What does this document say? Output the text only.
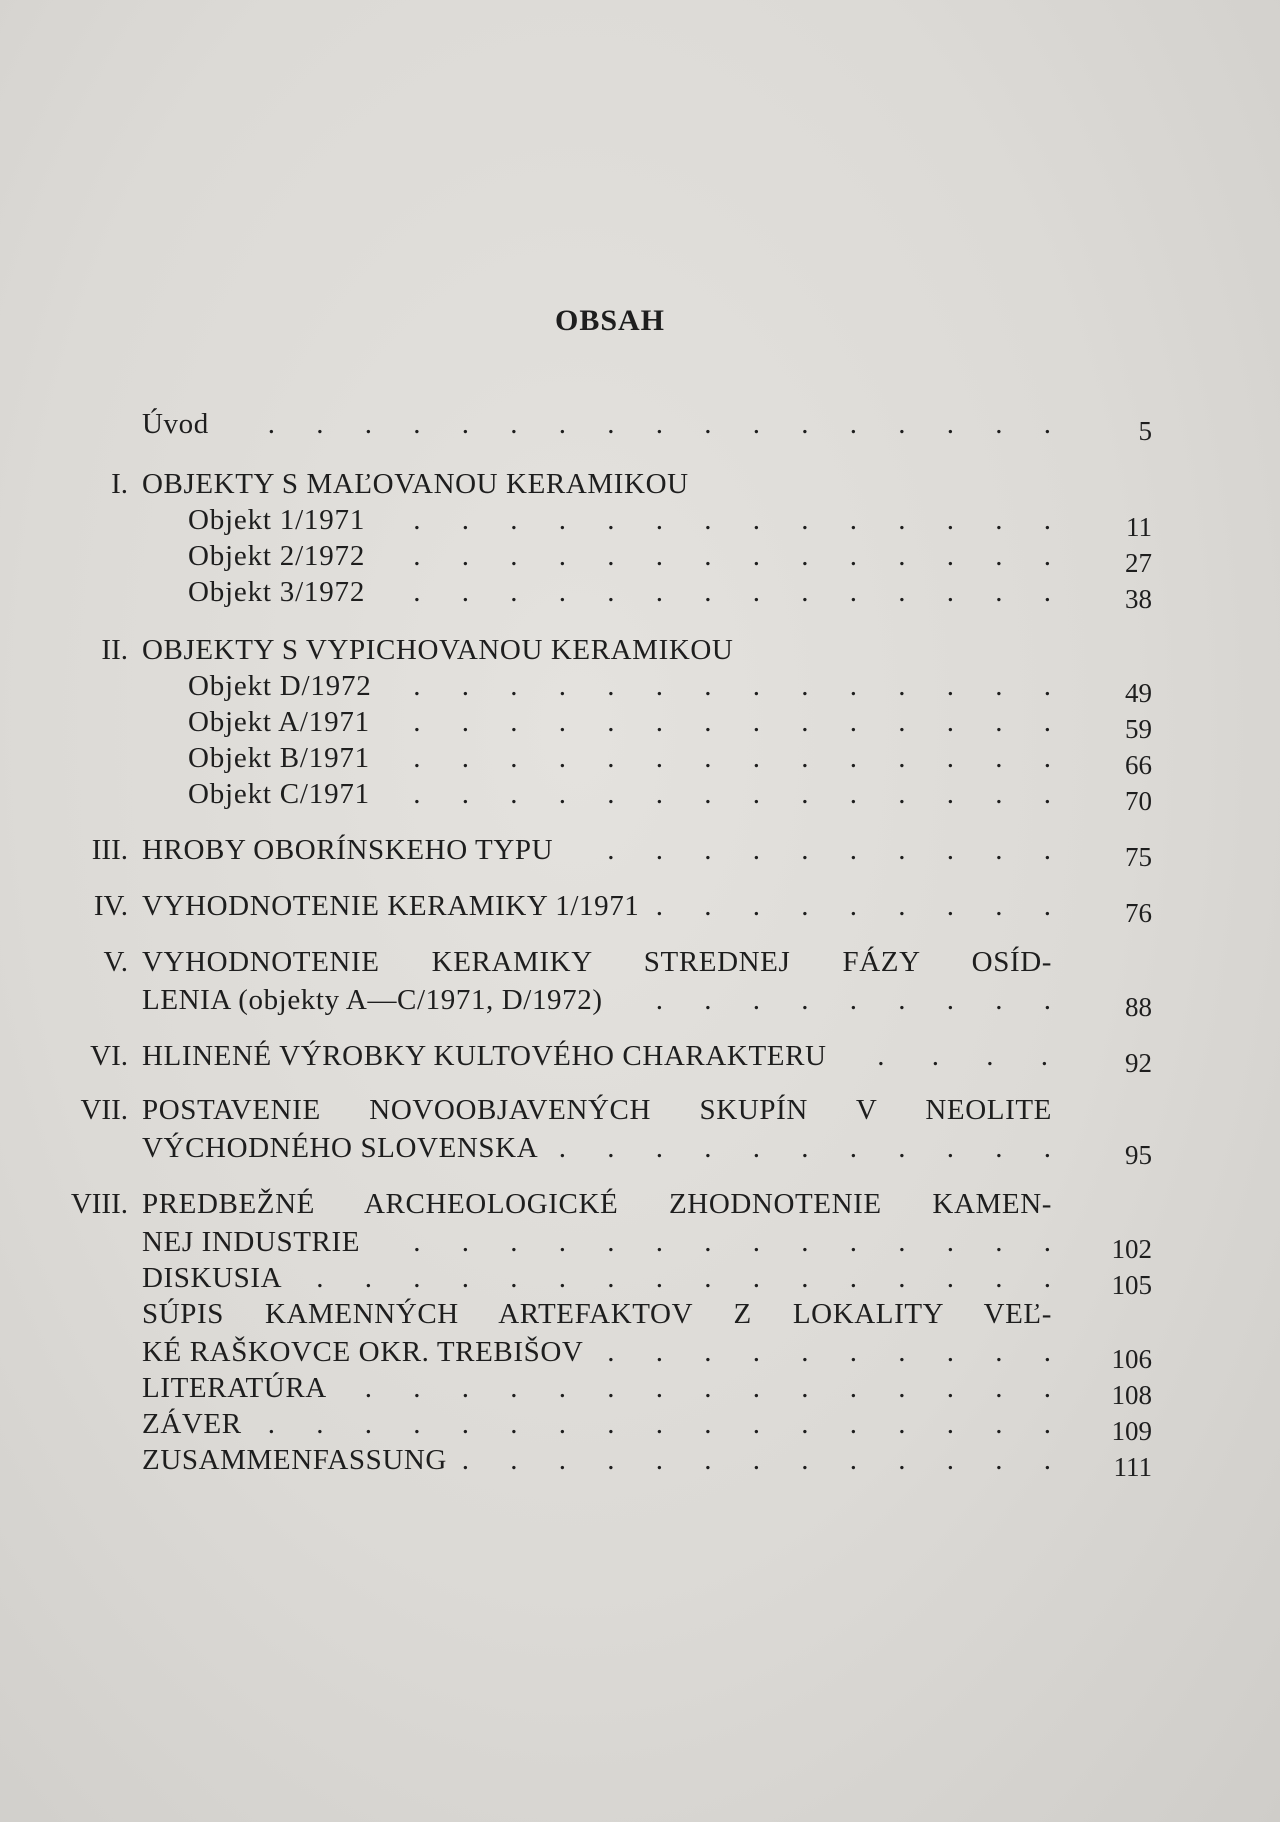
OBSAH
Úvod . . . . . . . . . . . . . . . . .	5
I. OBJEKTY S MAĽOVANOU KERAMIKOU
Objekt 1/1971 . . . . . . . . . . . . . .	11
Objekt 2/1972 . . . . . . . . . . . . . .	27
Objekt 3/1972 . . . . . . . . . . . . . .	38
II. OBJEKTY S VYPICHOVANOU KERAMIKOU
Objekt D/1972 . . . . . . . . . . . . . .	49
Objekt A/1971 . . . . . . . . . . . . . .	59
Objekt B/1971 . . . . . . . . . . . . . .	66
Objekt C/1971 . . . . . . . . . . . . . .	70
III. HROBY OBORÍNSKEHO TYPU . . . . . . . . . .	75
IV. VYHODNOTENIE KERAMIKY 1/1971 . . . . . . . . .	76
V. VYHODNOTENIE KERAMIKY STREDNEJ FÁZY OSÍD-
LENIA (objekty A—C/1971, D/1972) . . . . . . . . .	88
VI. HLINENÉ VÝROBKY KULTOVÉHO CHARAKTERU . . . .	92
VII. POSTAVENIE NOVOOBJAVENÝCH SKUPÍN V NEOLITE
VÝCHODNÉHO SLOVENSKA . . . . . . . . . . .	95
VIII. PREDBEŽNÉ ARCHEOLOGICKÉ ZHODNOTENIE KAMEN-
NEJ INDUSTRIE . . . . . . . . . . . . . .	102
DISKUSIA . . . . . . . . . . . . . . . .	105
SÚPIS KAMENNÝCH ARTEFAKTOV Z LOKALITY VEĽ-
KÉ RAŠKOVCE OKR. TREBIŠOV . . . . . . . . . .	106
LITERATÚRA . . . . . . . . . . . . . . .	108
ZÁVER . . . . . . . . . . . . . . . . .	109
ZUSAMMENFASSUNG . . . . . . . . . . . . .	111
